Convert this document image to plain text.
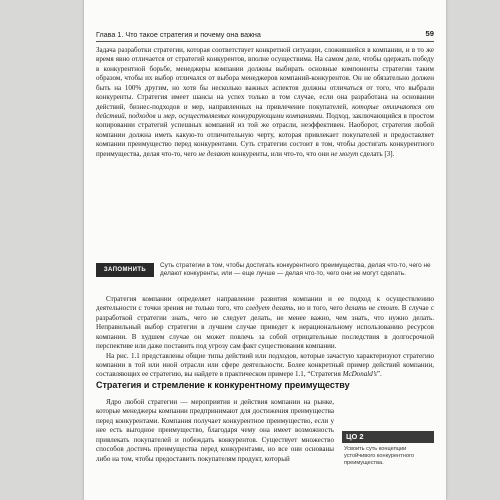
Глава 1. Что такое стратегия и почему она важна	59

Задача разработки стратегии, которая соответствует конкретной ситуации, сложившейся в компании, и в то же время явно отличается от стратегий конкурентов, вполне осуществима. На самом деле, чтобы одержать победу в конкурентной борьбе, менеджеры компании должны выбирать основные компоненты стратегии таким образом, чтобы их выбор отличался от выбора менеджеров компаний-конкурентов. Он не обязательно должен быть на 100% другим, но хотя бы несколько важных аспектов должны отличаться от того, что выбрали конкуренты. Стратегия имеет шансы на успех только в том случае, если она разработана на основании действий, бизнес-подходов и мер, направленных на привлечение покупателей, которые отличаются от действий, подходов и мер, осуществляемых конкурирующими компаниями. Подход, заключающийся в простом копировании стратегий успешных компаний из той же отрасли, неэффективен. Наоборот, стратегия любой компании должна иметь какую-то отличительную черту, которая привлекает покупателей и предоставляет компании преимущество перед конкурентами. Суть стратегии состоит в том, чтобы достигать конкурентного преимущества, делая что-то, чего не делают конкуренты, или что-то, что они не могут сделать [3].

ЗАПОМНИТЬ
Суть стратегии в том, чтобы достигать конкурентного преимущества, делая что-то, чего не делают конкуренты, или — еще лучше — делая что-то, чего они не могут сделать.

Стратегия компании определяет направление развития компании и ее подход к осуществлению деятельности с точки зрения не только того, что следует делать, но и того, чего делать не стоит. В случае с разработкой стратегии знать, чего не следует делать, не менее важно, чем знать, что нужно делать. Неправильный выбор стратегии в лучшем случае приведет к нерациональному использованию ресурсов компании. В худшем случае он может повлечь за собой отрицательные последствия в долгосрочной перспективе или даже поставить под угрозу сам факт существования компании.

На рис. 1.1 представлены общие типы действий или подходов, которые зачастую характеризуют стратегию компании в той или иной отрасли или сфере деятельности. Более конкретный пример действий компании, составляющих ее стратегию, вы найдете в практическом примере 1.1, “Стратегия McDonald’s”.

Стратегия и стремление к конкурентному преимуществу

Ядро любой стратегии — мероприятия и действия компании на рынке, которые менеджеры компании предпринимают для достижения преимущества перед конкурентами. Компания получает конкурентное преимущество, если у нее есть выгодное преимущество, благодаря чему она имеет возможность привлекать покупателей и побеждать конкурентов. Существует множество способов достичь преимущества перед конкурентами, но все они основаны либо на том, чтобы предоставить покупателям продукт, который

ЦО 2
Усвоить суть концепции устойчивого конкурентного преимущества.
